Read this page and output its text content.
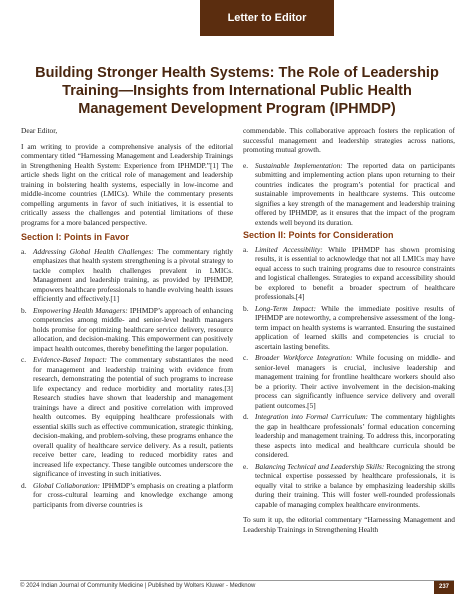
Letter to Editor
Building Stronger Health Systems: The Role of Leadership Training—Insights from International Public Health Management Development Program (IPHMDP)

Dear Editor,

I am writing to provide a comprehensive analysis of the editorial commentary titled “Harnessing Management and Leadership Trainings in Strengthening Health System: Experience from IPHMDP.”[1] The article sheds light on the critical role of management and leadership training in bolstering health systems, especially in low-income and middle-income countries (LMICs). While the commentary presents compelling arguments in favor of such initiatives, it is essential to critically assess the challenges and potential limitations of these programs for a more balanced perspective.

Section I: Points in Favor
a. Addressing Global Health Challenges: The commentary rightly emphasizes that health system strengthening is a pivotal strategy to tackle complex health challenges prevalent in LMICs. Management and leadership training, as provided by IPHMDP, empowers healthcare professionals to handle evolving health issues efficiently and effectively.[1]
b. Empowering Health Managers: IPHMDP’s approach of enhancing competencies among middle- and senior-level health managers holds promise for optimizing healthcare service delivery, resource allocation, and decision-making. This empowerment can positively impact health outcomes, thereby benefitting the larger population.
c. Evidence-Based Impact: The commentary substantiates the need for management and leadership training with evidence from research, demonstrating the potential of such programs to increase life expectancy and reduce morbidity and mortality rates.[3] Research studies have shown that leadership and management trainings have a direct and positive correlation with improved health outcomes. By equipping healthcare professionals with essential skills such as effective communication, strategic thinking, decision-making, and problem-solving, these programs enhance the overall quality of healthcare service delivery. As a result, patients receive better care, leading to reduced morbidity rates and increased life expectancy. These tangible outcomes underscore the significance of investing in such initiatives.
d. Global Collaboration: IPHMDP’s emphasis on creating a platform for cross-cultural learning and knowledge exchange among participants from diverse countries is

commendable. This collaborative approach fosters the replication of successful management and leadership strategies across nations, promoting mutual growth.

e. Sustainable Implementation: The reported data on participants submitting and implementing action plans upon returning to their countries indicates the program’s potential for practical and sustainable improvements in healthcare systems. This outcome signifies a key strength of the management and leadership training offered by IPHMDP, as it ensures that the impact of the program extends well beyond its duration.
Section II: Points for Consideration
a. Limited Accessibility: While IPHMDP has shown promising results, it is essential to acknowledge that not all LMICs may have equal access to such training programs due to resource constraints and logistical challenges. Strategies to expand accessibility should be explored to benefit a broader spectrum of healthcare professionals.[4]
b. Long-Term Impact: While the immediate positive results of IPHMDP are noteworthy, a comprehensive assessment of the long-term impact on health systems is warranted. Ensuring the sustained application of learned skills and competencies is crucial to ascertain lasting benefits.
c. Broader Workforce Integration: While focusing on middle- and senior-level managers is crucial, inclusive leadership and management training for frontline healthcare workers should also be a priority. Their active involvement in the decision-making process can significantly influence service delivery and overall patient outcomes.[5]
d. Integration into Formal Curriculum: The commentary highlights the gap in healthcare professionals’ formal education concerning leadership and management training. To address this, incorporating these aspects into medical and healthcare curricula should be considered.
e. Balancing Technical and Leadership Skills: Recognizing the strong technical expertise possessed by healthcare professionals, it is equally vital to strike a balance by emphasizing leadership skills during their training. This will foster well-rounded professionals capable of managing complex healthcare environments.

To sum it up, the editorial commentary “Harnessing Management and Leadership Trainings in Strengthening Health

© 2024 Indian Journal of Community Medicine | Published by Wolters Kluwer - Medknow	237
